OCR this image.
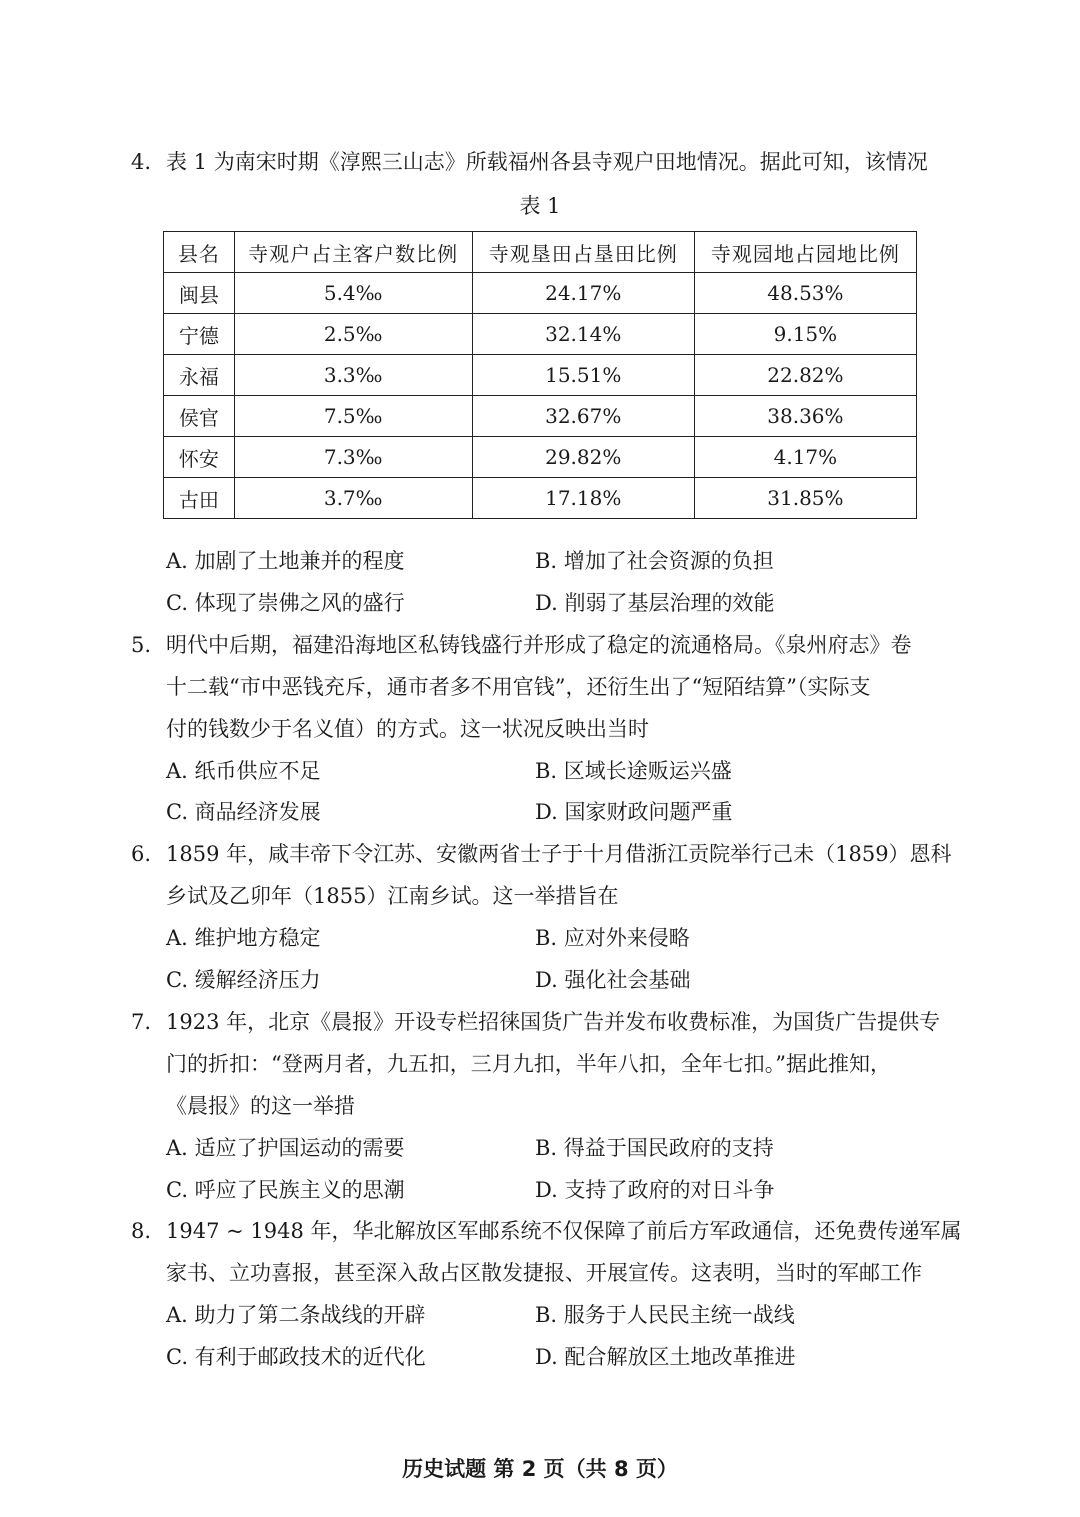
4. 表 1 为南宋时期《淳熙三山志》所载福州各县寺观户田地情况。据此可知，该情况
表 1
县名	寺观户占主客户数比例	寺观垦田占垦田比例	寺观园地占园地比例
闽县	5.4‰	24.17%	48.53%
宁德	2.5‰	32.14%	9.15%
永福	3.3‰	15.51%	22.82%
侯官	7.5‰	32.67%	38.36%
怀安	7.3‰	29.82%	4.17%
古田	3.7‰	17.18%	31.85%
A. 加剧了土地兼并的程度	B. 增加了社会资源的负担
C. 体现了崇佛之风的盛行	D. 削弱了基层治理的效能
5. 明代中后期，福建沿海地区私铸钱盛行并形成了稳定的流通格局。《泉州府志》卷
十二载“市中恶钱充斥，通市者多不用官钱”，还衍生出了“短陌结算”（实际支
付的钱数少于名义值）的方式。这一状况反映出当时
A. 纸币供应不足	B. 区域长途贩运兴盛
C. 商品经济发展	D. 国家财政问题严重
6. 1859 年，咸丰帝下令江苏、安徽两省士子于十月借浙江贡院举行己未（1859）恩科
乡试及乙卯年（1855）江南乡试。这一举措旨在
A. 维护地方稳定	B. 应对外来侵略
C. 缓解经济压力	D. 强化社会基础
7. 1923 年，北京《晨报》开设专栏招徕国货广告并发布收费标准，为国货广告提供专
门的折扣：“登两月者，九五扣，三月九扣，半年八扣，全年七扣。”据此推知，
《晨报》的这一举措
A. 适应了护国运动的需要	B. 得益于国民政府的支持
C. 呼应了民族主义的思潮	D. 支持了政府的对日斗争
8. 1947 ~ 1948 年，华北解放区军邮系统不仅保障了前后方军政通信，还免费传递军属
家书、立功喜报，甚至深入敌占区散发捷报、开展宣传。这表明，当时的军邮工作
A. 助力了第二条战线的开辟	B. 服务于人民民主统一战线
C. 有利于邮政技术的近代化	D. 配合解放区土地改革推进
历史试题 第 2 页（共 8 页）
